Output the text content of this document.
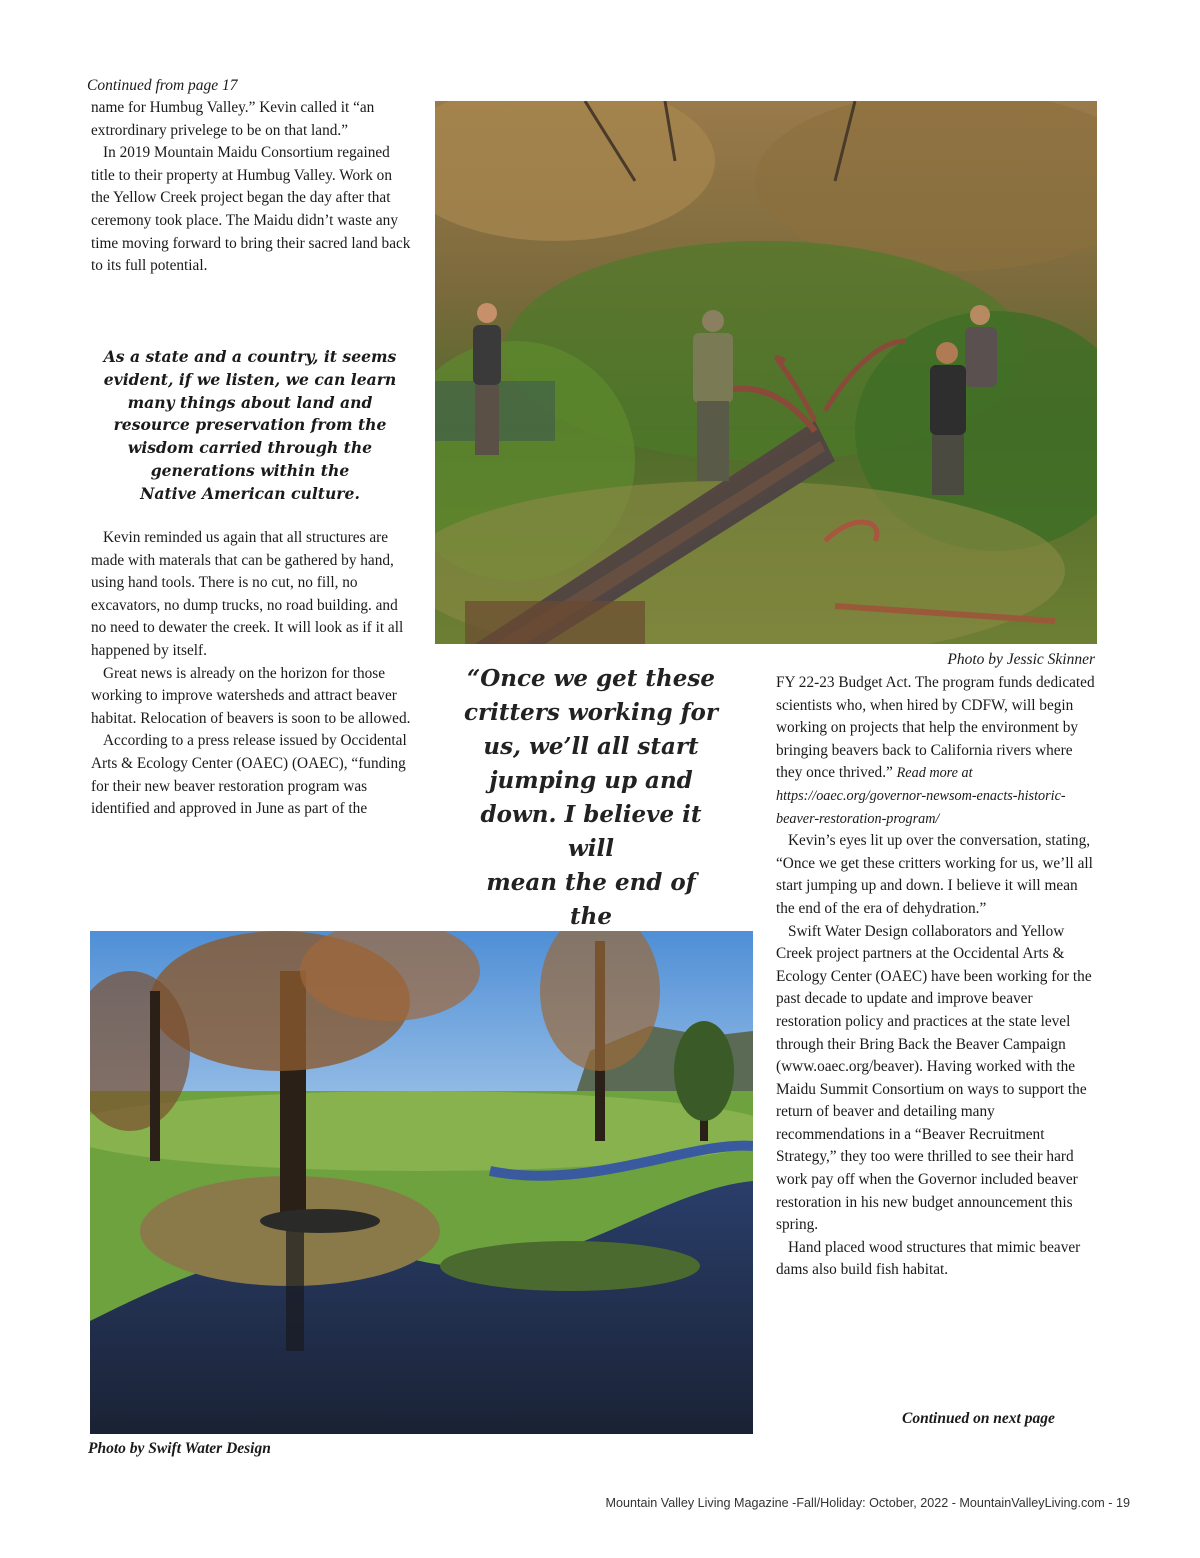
Continued from page 17

name for Humbug Valley.” Kevin called it “an extrordinary privelege to be on that land.”

In 2019 Mountain Maidu Consortium regained title to their property at Humbug Valley. Work on the Yellow Creek project began the day after that ceremony took place. The Maidu didn’t waste any time moving forward to bring their sacred land back to its full potential.

As a state and a country, it seems
evident, if we listen, we can learn
many things about land and
resource preservation from the
wisdom carried through the
generations within the
Native American culture.

Kevin reminded us again that all structures are made with materals that can be gathered by hand, using hand tools. There is no cut, no fill, no excavators, no dump trucks, no road building. and no need to dewater the creek. It will look as if it all happened by itself.

Great news is already on the horizon for those working to improve watersheds and attract beaver habitat. Relocation of beavers is soon to be allowed.

According to a press release issued by Occidental Arts & Ecology Center (OAEC) (OAEC), “funding for their new beaver restoration program was identified and approved in June as part of the

Photo by Jessic Skinner
“Once we get these
critters working for
us, we’ll all start
jumping up and
down. I believe it will
mean the end of the

FY 22-23 Budget Act. The program funds dedicated scientists who, when hired by CDFW, will begin working on projects that help the environment by bringing beavers back to California rivers where they once thrived.” Read more at https://oaec.org/governor-newsom-enacts-historic-beaver-restoration-program/

Kevin’s eyes lit up over the conversation, stating, “Once we get these critters working for us, we’ll all start jumping up and down. I believe it will mean the end of the era of dehydration.”

Swift Water Design collaborators and Yellow Creek project partners at the Occidental Arts & Ecology Center (OAEC) have been working for the past decade to update and improve beaver restoration policy and practices at the state level through their Bring Back the Beaver Campaign (www.oaec.org/beaver). Having worked with the Maidu Summit Consortium on ways to support the return of beaver and detailing many recommendations in a “Beaver Recruitment Strategy,” they too were thrilled to see their hard work pay off when the Governor included beaver restoration in his new budget announcement this spring.

Hand placed wood structures that mimic beaver dams also build fish habitat.

Continued on next page
Photo by Swift Water Design
Mountain Valley Living Magazine -Fall/Holiday: October, 2022 - MountainValleyLiving.com - 19
